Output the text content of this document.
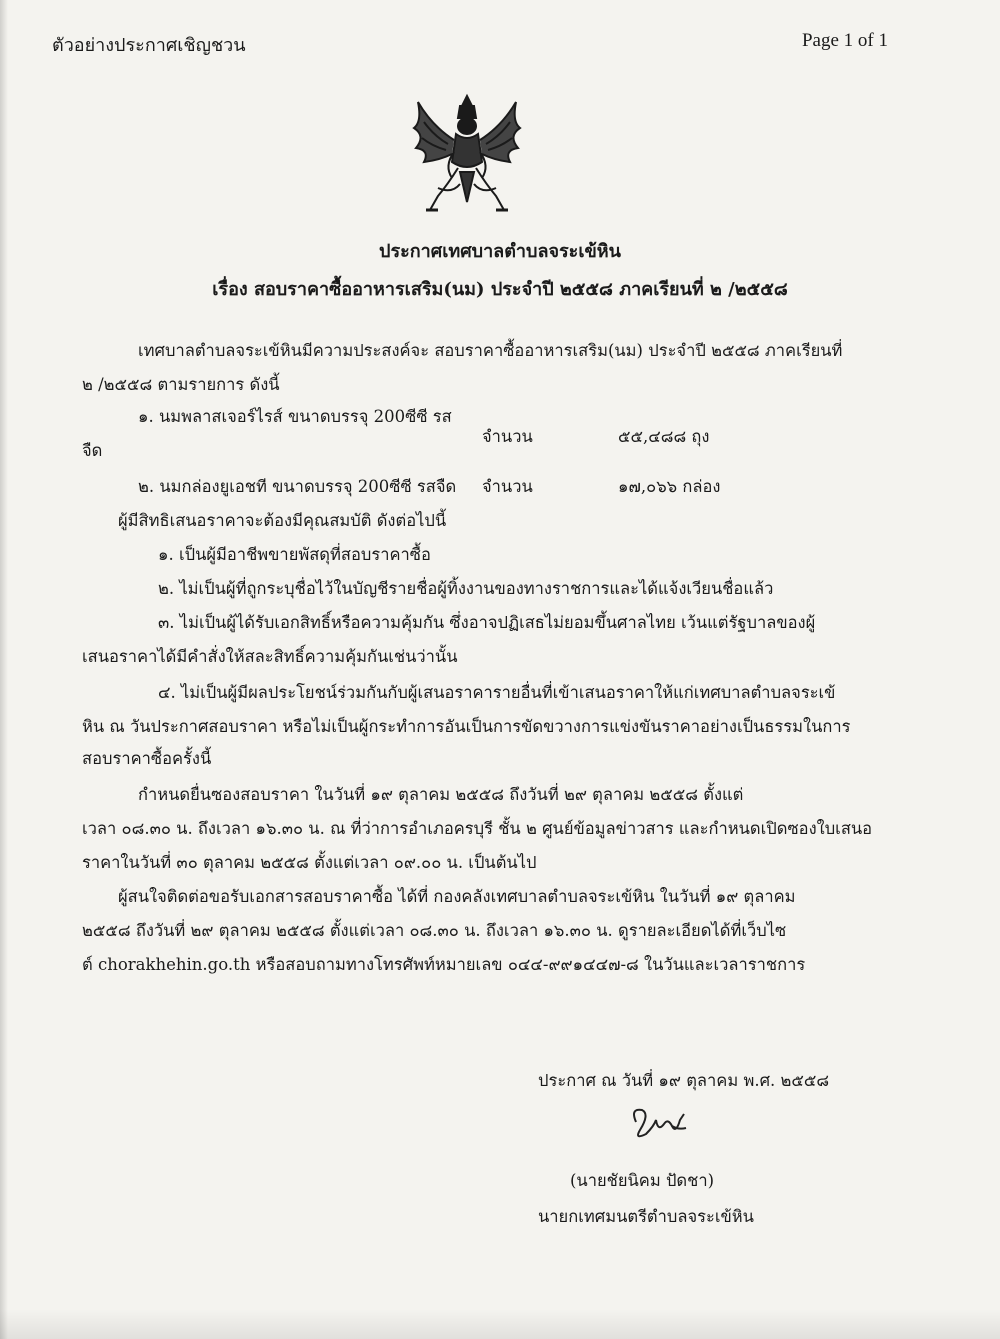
ตัวอย่างประกาศเชิญชวน	Page 1 of 1
ประกาศเทศบาลตำบลจระเข้หิน
เรื่อง สอบราคาซื้ออาหารเสริม(นม) ประจำปี ๒๕๕๘ ภาคเรียนที่ ๒ /๒๕๕๘
เทศบาลตำบลจระเข้หินมีความประสงค์จะ สอบราคาซื้ออาหารเสริม(นม) ประจำปี ๒๕๕๘ ภาคเรียนที่
๒ /๒๕๕๘ ตามรายการ ดังนี้
๑. นมพลาสเจอร์ไรส์ ขนาดบรรจุ 200ซีซี รส
จืด
จำนวน	๕๕,๔๘๘ ถุง
๒. นมกล่องยูเอชที ขนาดบรรจุ 200ซีซี รสจืด จำนวน	๑๗,๐๖๖ กล่อง
ผู้มีสิทธิเสนอราคาจะต้องมีคุณสมบัติ ดังต่อไปนี้
๑. เป็นผู้มีอาชีพขายพัสดุที่สอบราคาซื้อ
๒. ไม่เป็นผู้ที่ถูกระบุชื่อไว้ในบัญชีรายชื่อผู้ทิ้งงานของทางราชการและได้แจ้งเวียนชื่อแล้ว
๓. ไม่เป็นผู้ได้รับเอกสิทธิ์หรือความคุ้มกัน ซึ่งอาจปฏิเสธไม่ยอมขึ้นศาลไทย เว้นแต่รัฐบาลของผู้
เสนอราคาได้มีคำสั่งให้สละสิทธิ์ความคุ้มกันเช่นว่านั้น
๔. ไม่เป็นผู้มีผลประโยชน์ร่วมกันกับผู้เสนอราคารายอื่นที่เข้าเสนอราคาให้แก่เทศบาลตำบลจระเข้
หิน ณ วันประกาศสอบราคา หรือไม่เป็นผู้กระทำการอันเป็นการขัดขวางการแข่งขันราคาอย่างเป็นธรรมในการ
สอบราคาซื้อครั้งนี้
กำหนดยื่นซองสอบราคา ในวันที่ ๑๙ ตุลาคม ๒๕๕๘ ถึงวันที่ ๒๙ ตุลาคม ๒๕๕๘ ตั้งแต่
เวลา ๐๘.๓๐ น. ถึงเวลา ๑๖.๓๐ น. ณ ที่ว่าการอำเภอครบุรี ชั้น ๒ ศูนย์ข้อมูลข่าวสาร และกำหนดเปิดซองใบเสนอ
ราคาในวันที่ ๓๐ ตุลาคม ๒๕๕๘ ตั้งแต่เวลา ๐๙.๐๐ น. เป็นต้นไป
ผู้สนใจติดต่อขอรับเอกสารสอบราคาซื้อ ได้ที่ กองคลังเทศบาลตำบลจระเข้หิน ในวันที่ ๑๙ ตุลาคม
๒๕๕๘ ถึงวันที่ ๒๙ ตุลาคม ๒๕๕๘ ตั้งแต่เวลา ๐๘.๓๐ น. ถึงเวลา ๑๖.๓๐ น. ดูรายละเอียดได้ที่เว็บไซ
ต์ chorakhehin.go.th หรือสอบถามทางโทรศัพท์หมายเลข ๐๔๔-๙๙๑๔๔๗-๘ ในวันและเวลาราชการ
ประกาศ ณ วันที่ ๑๙ ตุลาคม พ.ศ. ๒๕๕๘
(นายชัยนิคม ปัดชา)
นายกเทศมนตรีตำบลจระเข้หิน
